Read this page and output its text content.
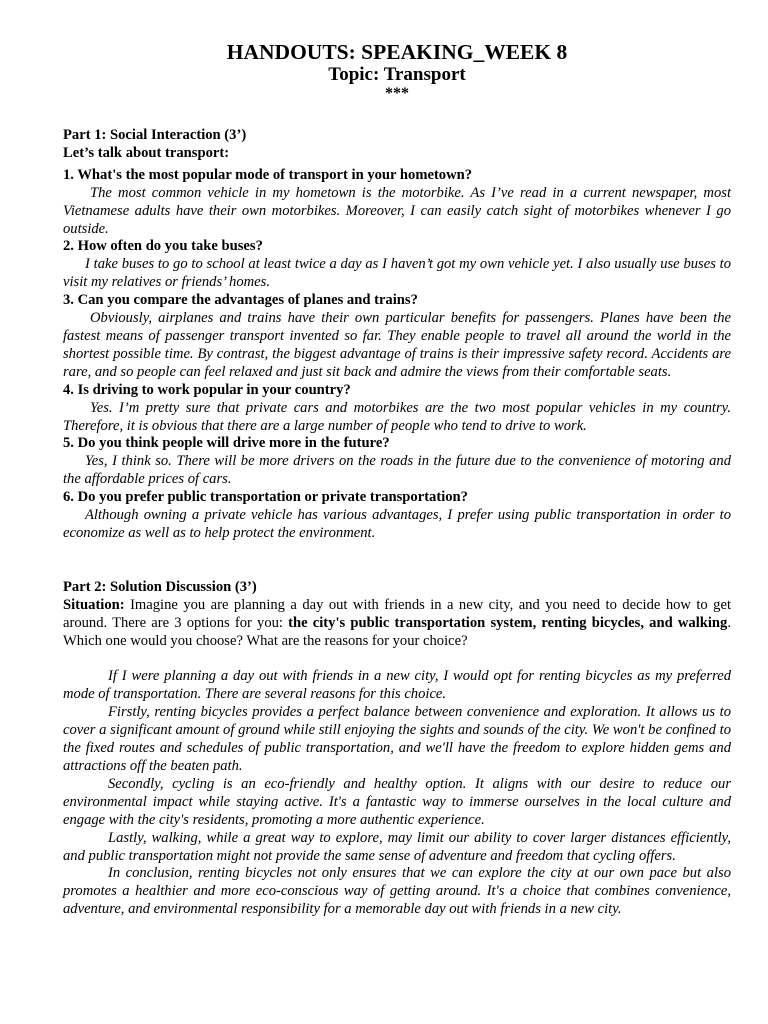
HANDOUTS: SPEAKING_WEEK 8

Topic: Transport

***

Part 1: Social Interaction (3’)

Let’s talk about transport:

1. What's the most popular mode of transport in your hometown?

The most common vehicle in my hometown is the motorbike. As I’ve read in a current newspaper, most Vietnamese adults have their own motorbikes. Moreover, I can easily catch sight of motorbikes whenever I go outside.

2. How often do you take buses?

I take buses to go to school at least twice a day as I haven’t got my own vehicle yet. I also usually use buses to visit my relatives or friends’ homes.

3. Can you compare the advantages of planes and trains?

Obviously, airplanes and trains have their own particular benefits for passengers. Planes have been the fastest means of passenger transport invented so far. They enable people to travel all around the world in the shortest possible time. By contrast, the biggest advantage of trains is their impressive safety record. Accidents are rare, and so people can feel relaxed and just sit back and admire the views from their comfortable seats.

4. Is driving to work popular in your country?

Yes. I’m pretty sure that private cars and motorbikes are the two most popular vehicles in my country. Therefore, it is obvious that there are a large number of people who tend to drive to work.

5. Do you think people will drive more in the future?

Yes, I think so. There will be more drivers on the roads in the future due to the convenience of motoring and the affordable prices of cars.

6. Do you prefer public transportation or private transportation?

Although owning a private vehicle has various advantages, I prefer using public transportation in order to economize as well as to help protect the environment.

Part 2: Solution Discussion (3’)

Situation: Imagine you are planning a day out with friends in a new city, and you need to decide how to get around. There are 3 options for you: the city's public transportation system, renting bicycles, and walking. Which one would you choose? What are the reasons for your choice?

If I were planning a day out with friends in a new city, I would opt for renting bicycles as my preferred mode of transportation. There are several reasons for this choice.

Firstly, renting bicycles provides a perfect balance between convenience and exploration. It allows us to cover a significant amount of ground while still enjoying the sights and sounds of the city. We won't be confined to the fixed routes and schedules of public transportation, and we'll have the freedom to explore hidden gems and attractions off the beaten path.

Secondly, cycling is an eco-friendly and healthy option. It aligns with our desire to reduce our environmental impact while staying active. It's a fantastic way to immerse ourselves in the local culture and engage with the city's residents, promoting a more authentic experience.

Lastly, walking, while a great way to explore, may limit our ability to cover larger distances efficiently, and public transportation might not provide the same sense of adventure and freedom that cycling offers.

In conclusion, renting bicycles not only ensures that we can explore the city at our own pace but also promotes a healthier and more eco-conscious way of getting around. It's a choice that combines convenience, adventure, and environmental responsibility for a memorable day out with friends in a new city.
